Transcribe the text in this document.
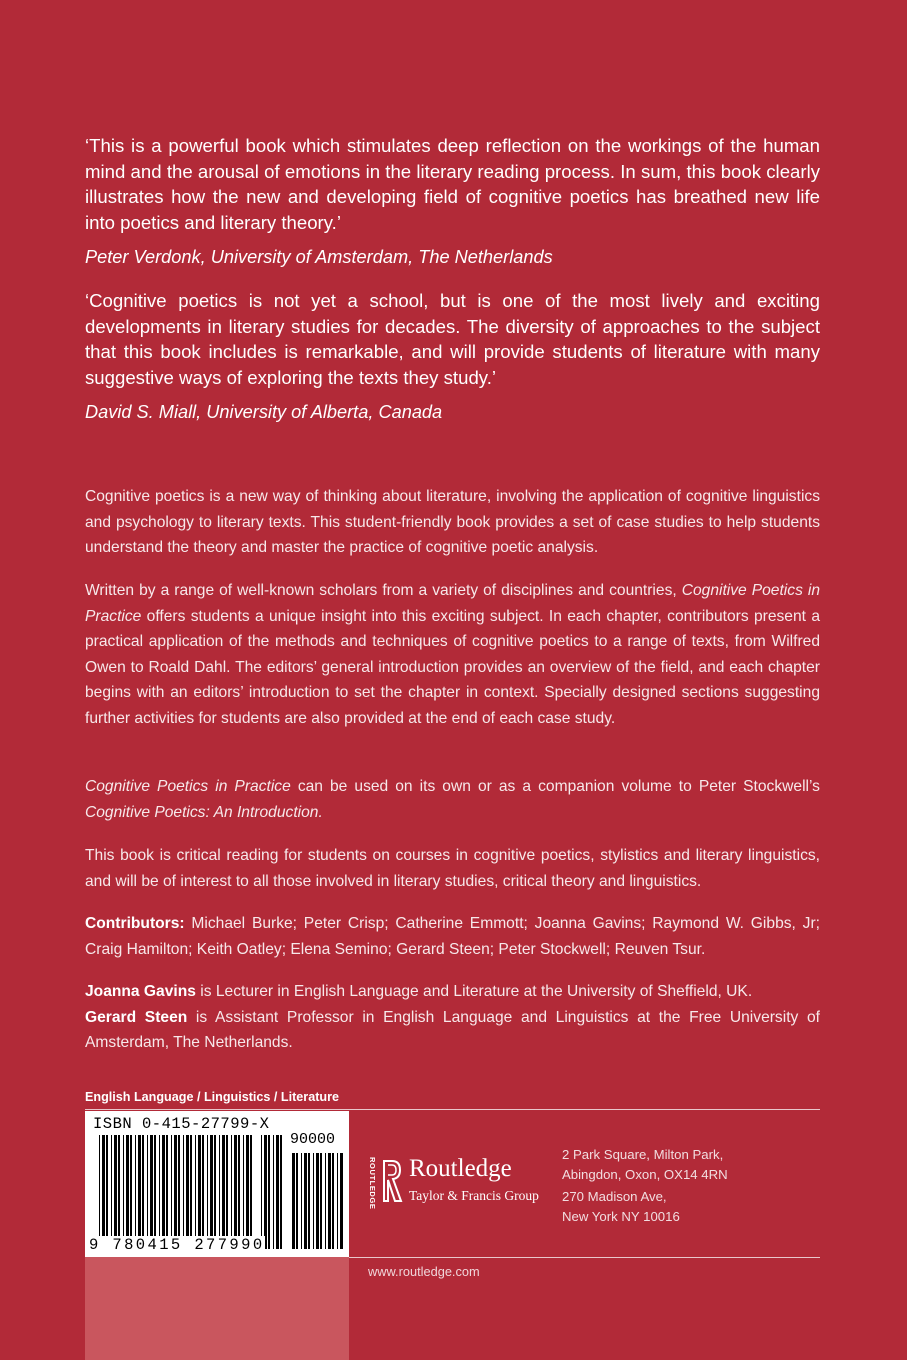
‘This is a powerful book which stimulates deep reflection on the workings of the human mind and the arousal of emotions in the literary reading process. In sum, this book clearly illustrates how the new and developing field of cognitive poetics has breathed new life into poetics and literary theory.’

Peter Verdonk, University of Amsterdam, The Netherlands

‘Cognitive poetics is not yet a school, but is one of the most lively and exciting developments in literary studies for decades. The diversity of approaches to the subject that this book includes is remarkable, and will provide students of literature with many suggestive ways of exploring the texts they study.’

David S. Miall, University of Alberta, Canada

Cognitive poetics is a new way of thinking about literature, involving the application of cognitive linguistics and psychology to literary texts. This student-friendly book provides a set of case studies to help students understand the theory and master the practice of cognitive poetic analysis.

Written by a range of well-known scholars from a variety of disciplines and countries, Cognitive Poetics in Practice offers students a unique insight into this exciting subject. In each chapter, contributors present a practical application of the methods and techniques of cognitive poetics to a range of texts, from Wilfred Owen to Roald Dahl. The editors’ general introduction provides an overview of the field, and each chapter begins with an editors’ introduction to set the chapter in context. Specially designed sections suggesting further activities for students are also provided at the end of each case study.

Cognitive Poetics in Practice can be used on its own or as a companion volume to Peter Stockwell’s Cognitive Poetics: An Introduction.

This book is critical reading for students on courses in cognitive poetics, stylistics and literary linguistics, and will be of interest to all those involved in literary studies, critical theory and linguistics.

Contributors: Michael Burke; Peter Crisp; Catherine Emmott; Joanna Gavins; Raymond W. Gibbs, Jr; Craig Hamilton; Keith Oatley; Elena Semino; Gerard Steen; Peter Stockwell; Reuven Tsur.

Joanna Gavins is Lecturer in English Language and Literature at the University of Sheffield, UK.
Gerard Steen is Assistant Professor in English Language and Linguistics at the Free University of Amsterdam, The Netherlands.

English Language / Linguistics / Literature

ISBN 0-415-27799-X
90000
9 780415 277990
ROUTLEDGE Routledge
Taylor & Francis Group

2 Park Square, Milton Park,
Abingdon, Oxon, OX14 4RN

270 Madison Ave,
New York NY 10016

www.routledge.com
